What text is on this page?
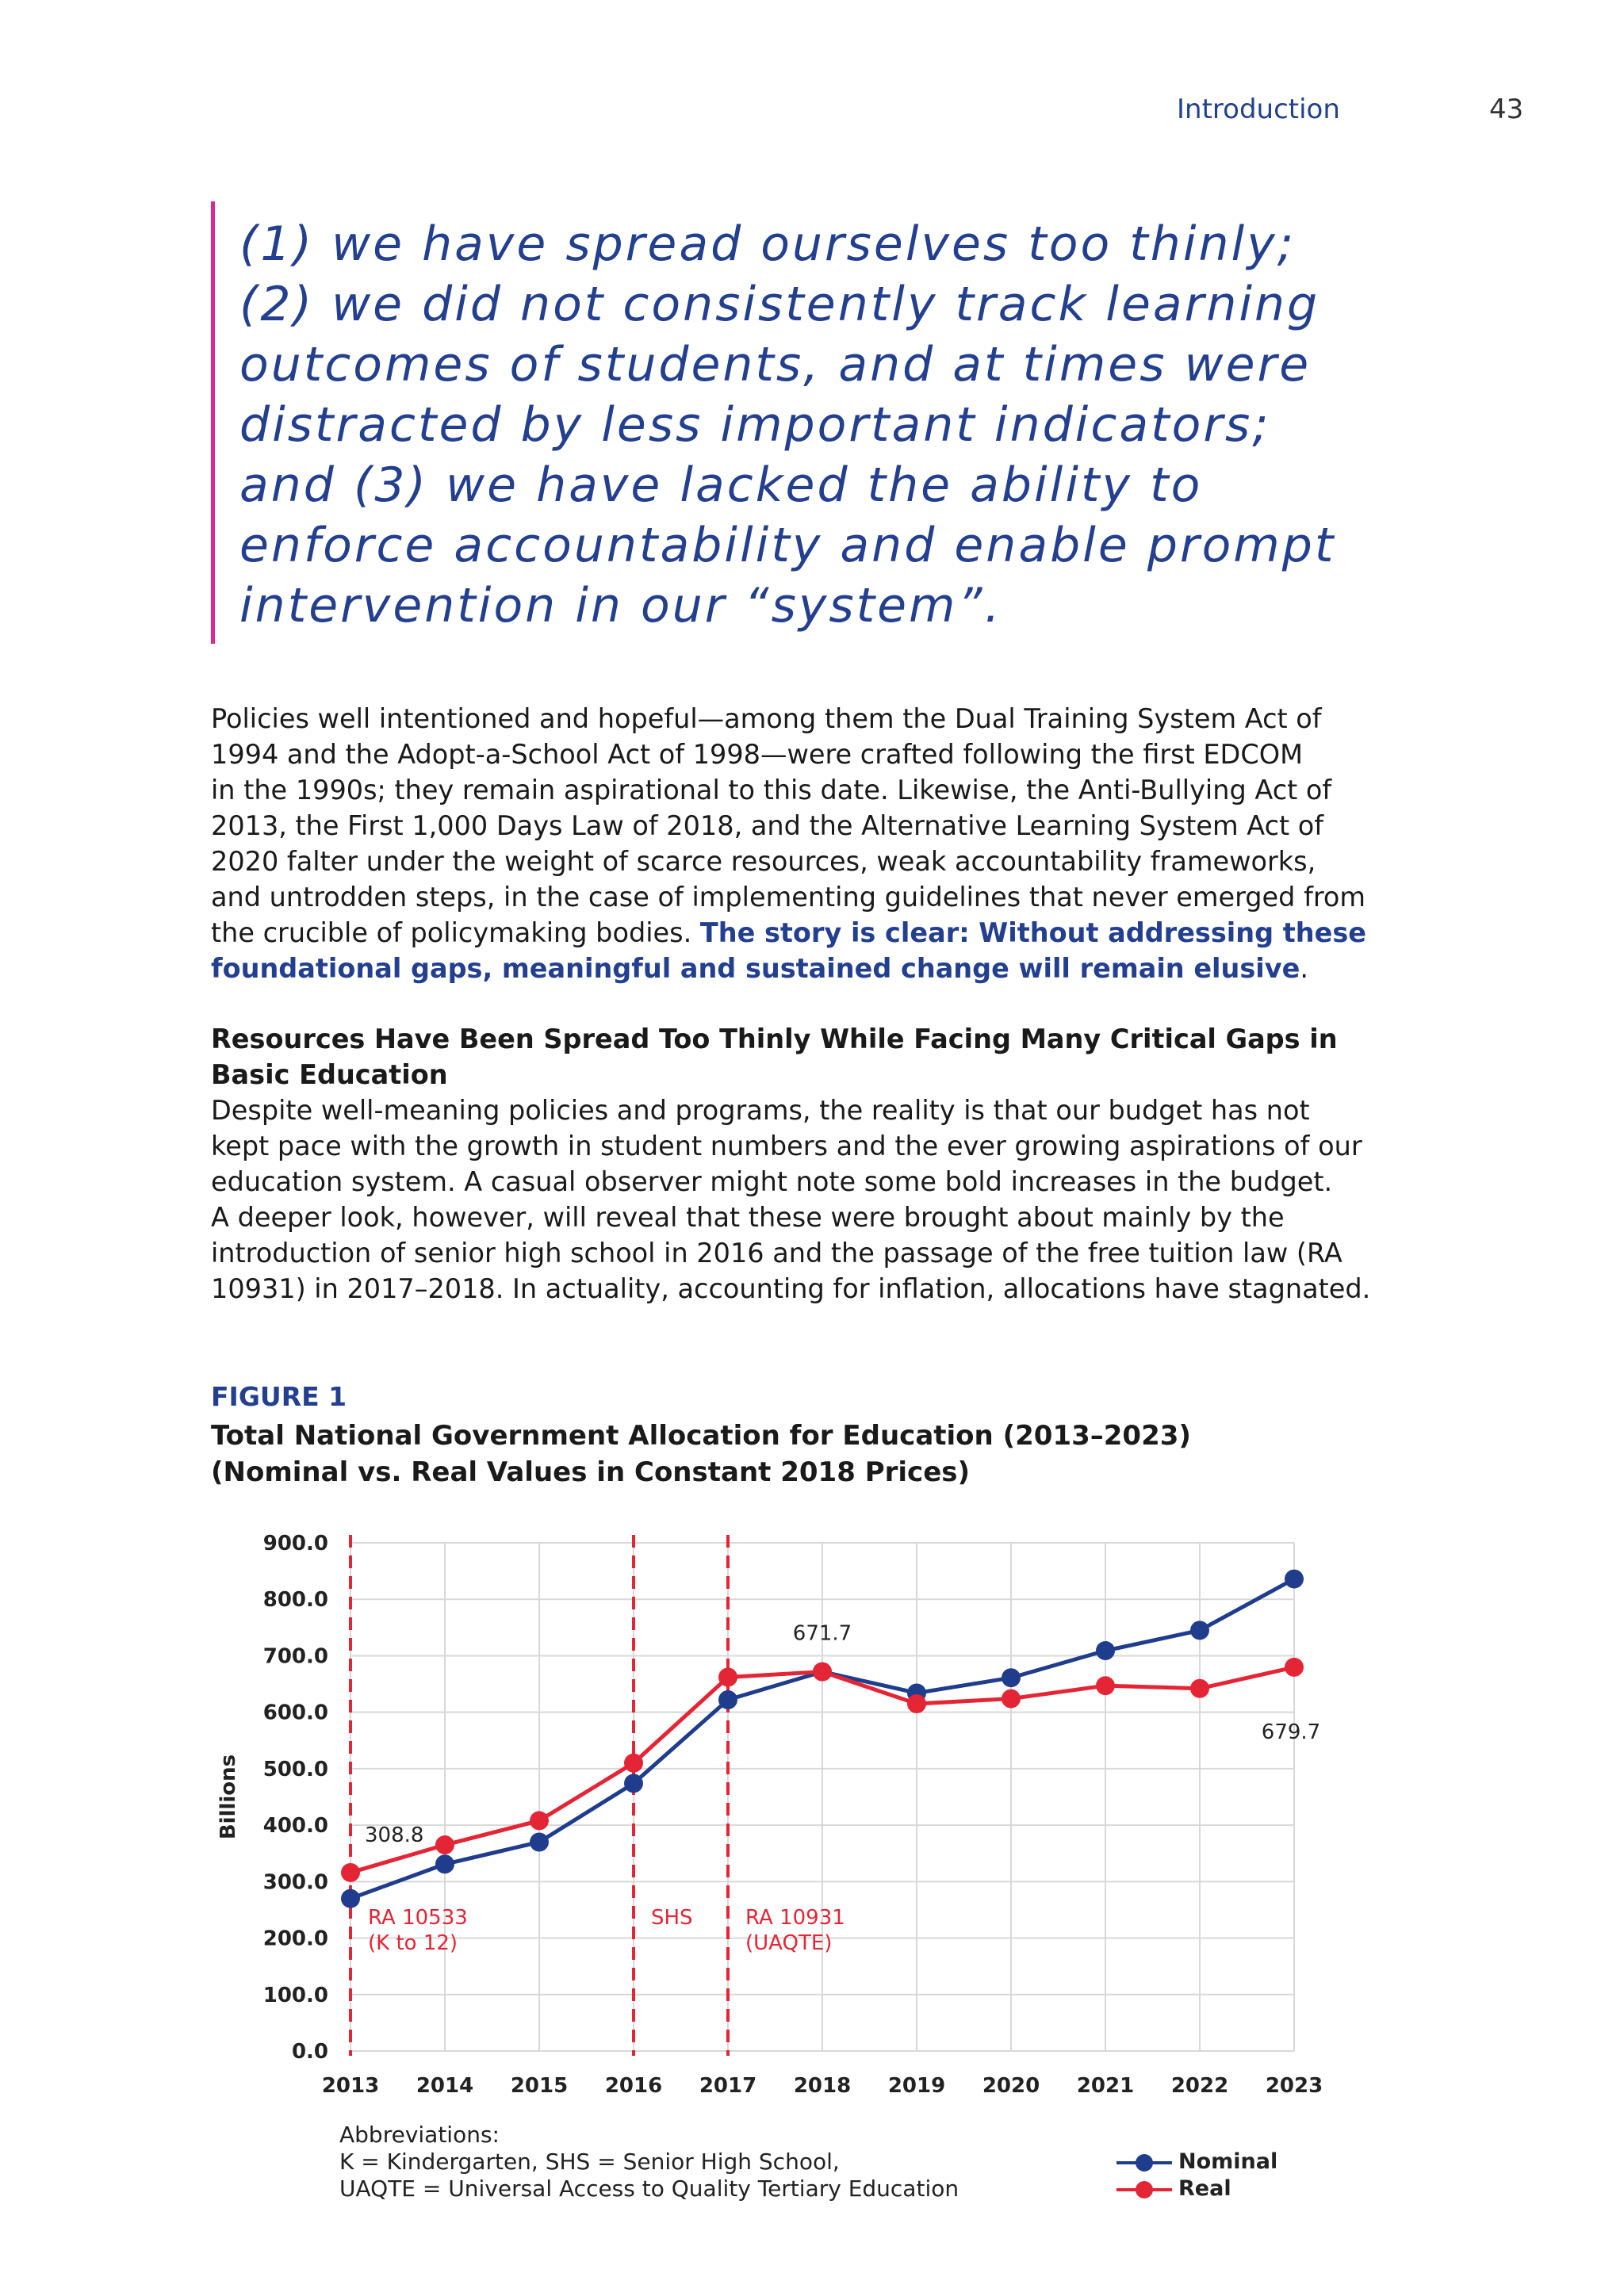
Introduction	43

(1) we have spread ourselves too thinly;
(2) we did not consistently track learning
outcomes of students, and at times were
distracted by less important indicators;
and (3) we have lacked the ability to
enforce accountability and enable prompt
intervention in our “system”.

Policies well intentioned and hopeful—among them the Dual Training System Act of
1994 and the Adopt-a-School Act of 1998—were crafted following the first EDCOM
in the 1990s; they remain aspirational to this date. Likewise, the Anti-Bullying Act of
2013, the First 1,000 Days Law of 2018, and the Alternative Learning System Act of
2020 falter under the weight of scarce resources, weak accountability frameworks,
and untrodden steps, in the case of implementing guidelines that never emerged from
the crucible of policymaking bodies. The story is clear: Without addressing these
foundational gaps, meaningful and sustained change will remain elusive.

Resources Have Been Spread Too Thinly While Facing Many Critical Gaps in
Basic Education
Despite well-meaning policies and programs, the reality is that our budget has not
kept pace with the growth in student numbers and the ever growing aspirations of our
education system. A casual observer might note some bold increases in the budget.
A deeper look, however, will reveal that these were brought about mainly by the
introduction of senior high school in 2016 and the passage of the free tuition law (RA
10931) in 2017–2018. In actuality, accounting for inflation, allocations have stagnated.
FIGURE 1
Total National Government Allocation for Education (2013–2023)
(Nominal vs. Real Values in Constant 2018 Prices)
0.0
100.0
200.0
300.0
400.0
500.0
600.0
700.0
800.0
900.0
2013 2014 2015 2016 2017 2018 2019 2020 2021 2022 2023
Billions
RA 10533
(K to 12)
SHS	RA 10931
(UAQTE)
308.8
671.7
679.7
Abbreviations:
K = Kindergarten, SHS = Senior High School,
UAQTE = Universal Access to Quality Tertiary Education
Nominal
Real
